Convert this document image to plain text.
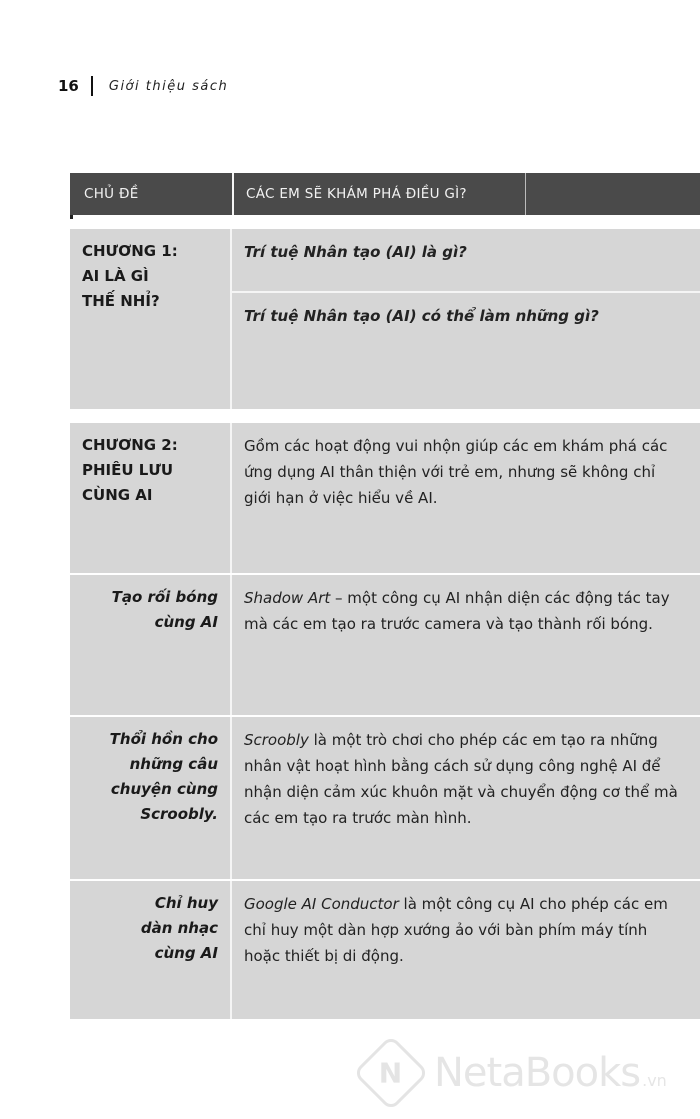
16 Giới thiệu sách
CHỦ ĐỀ	CÁC EM SẼ KHÁM PHÁ ĐIỀU GÌ?
CHƯƠNG 1:
AI LÀ GÌ
THẾ NHỈ?
Trí tuệ Nhân tạo (AI) là gì?
Trí tuệ Nhân tạo (AI) có thể làm những gì?
CHƯƠNG 2:
PHIÊU LƯU
CÙNG AI
Gồm các hoạt động vui nhộn giúp các em khám phá các ứng dụng AI thân thiện với trẻ em, nhưng sẽ không chỉ giới hạn ở việc hiểu về AI.
Tạo rối bóng
cùng AI
Shadow Art – một công cụ AI nhận diện các động tác tay mà các em tạo ra trước camera và tạo thành rối bóng.
Thổi hồn cho
những câu
chuyện cùng
Scroobly.
Scroobly là một trò chơi cho phép các em tạo ra những nhân vật hoạt hình bằng cách sử dụng công nghệ AI để nhận diện cảm xúc khuôn mặt và chuyển động cơ thể mà các em tạo ra trước màn hình.
Chỉ huy
dàn nhạc
cùng AI
Google AI Conductor là một công cụ AI cho phép các em chỉ huy một dàn hợp xướng ảo với bàn phím máy tính hoặc thiết bị di động.
N NetaBooks .vn
